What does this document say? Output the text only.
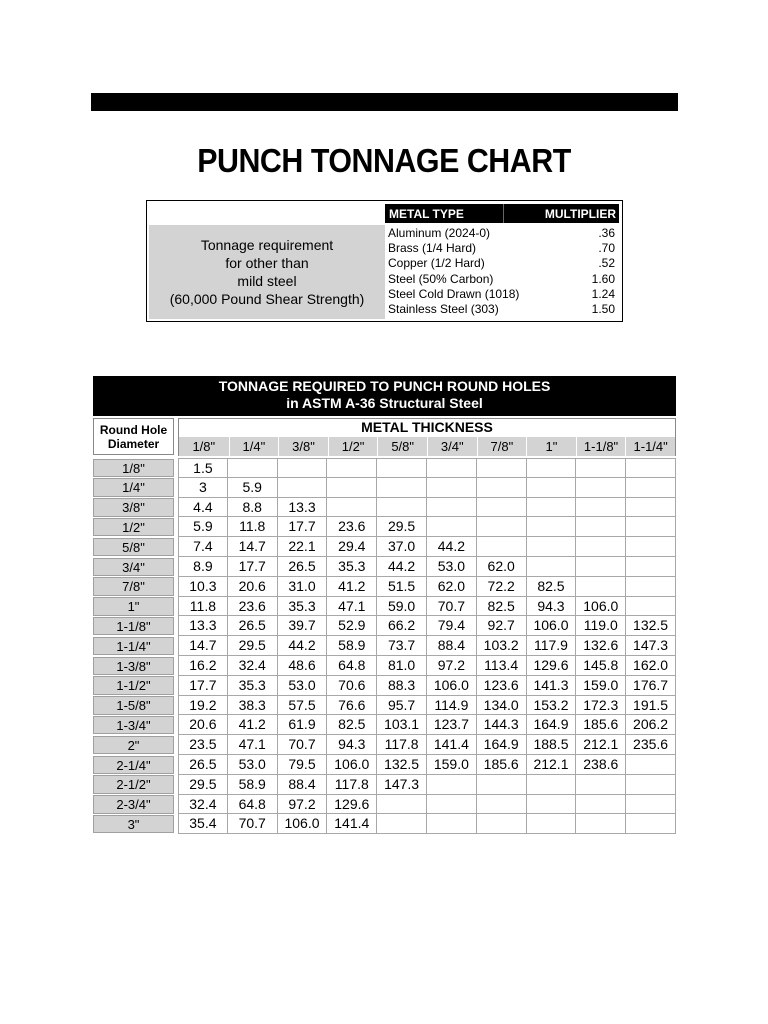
PUNCH TONNAGE CHART
Tonnage requirement
for other than
mild steel
(60,000 Pound Shear Strength)
METAL TYPE	MULTIPLIER
Aluminum (2024-0)	.36
Brass (1/4 Hard)	.70
Copper (1/2 Hard)	.52
Steel (50% Carbon)	1.60
Steel Cold Drawn (1018)	1.24
Stainless Steel (303)	1.50
TONNAGE REQUIRED TO PUNCH ROUND HOLES
in ASTM A-36 Structural Steel
Round Hole
Diameter
METAL THICKNESS
1/8"	1/4"	3/8"	1/2"	5/8"	3/4"	7/8"	1"	1-1/8"	1-1/4"
1/8"	1.5
1/4"	3	5.9
3/8"	4.4	8.8	13.3
1/2"	5.9	11.8	17.7	23.6	29.5
5/8"	7.4	14.7	22.1	29.4	37.0	44.2
3/4"	8.9	17.7	26.5	35.3	44.2	53.0	62.0
7/8"	10.3	20.6	31.0	41.2	51.5	62.0	72.2	82.5
1"	11.8	23.6	35.3	47.1	59.0	70.7	82.5	94.3	106.0
1-1/8"	13.3	26.5	39.7	52.9	66.2	79.4	92.7	106.0	119.0	132.5
1-1/4"	14.7	29.5	44.2	58.9	73.7	88.4	103.2	117.9	132.6	147.3
1-3/8"	16.2	32.4	48.6	64.8	81.0	97.2	113.4	129.6	145.8	162.0
1-1/2"	17.7	35.3	53.0	70.6	88.3	106.0	123.6	141.3	159.0	176.7
1-5/8"	19.2	38.3	57.5	76.6	95.7	114.9	134.0	153.2	172.3	191.5
1-3/4"	20.6	41.2	61.9	82.5	103.1	123.7	144.3	164.9	185.6	206.2
2"	23.5	47.1	70.7	94.3	117.8	141.4	164.9	188.5	212.1	235.6
2-1/4"	26.5	53.0	79.5	106.0	132.5	159.0	185.6	212.1	238.6
2-1/2"	29.5	58.9	88.4	117.8	147.3
2-3/4"	32.4	64.8	97.2	129.6
3"	35.4	70.7	106.0	141.4
